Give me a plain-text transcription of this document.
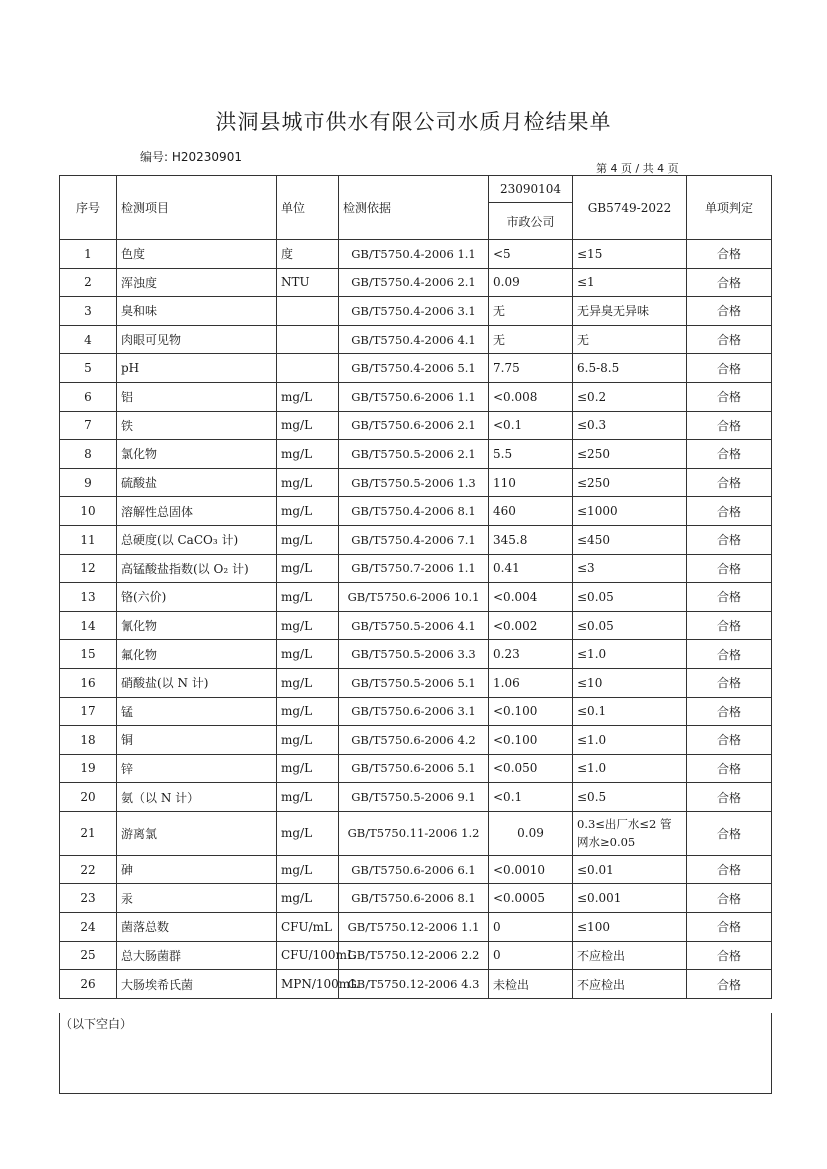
洪洞县城市供水有限公司水质月检结果单
编号: H20230901
第 4 页 / 共 4 页
序号	检测项目	单位	检测依据	23090104	GB5749-2022	单项判定
				市政公司		
1	色度	度	GB/T5750.4-2006 1.1	<5	≤15	合格
2	浑浊度	NTU	GB/T5750.4-2006 2.1	0.09	≤1	合格
3	臭和味		GB/T5750.4-2006 3.1	无	无异臭无异味	合格
4	肉眼可见物		GB/T5750.4-2006 4.1	无	无	合格
5	pH		GB/T5750.4-2006 5.1	7.75	6.5-8.5	合格
6	铝	mg/L	GB/T5750.6-2006 1.1	<0.008	≤0.2	合格
7	铁	mg/L	GB/T5750.6-2006 2.1	<0.1	≤0.3	合格
8	氯化物	mg/L	GB/T5750.5-2006 2.1	5.5	≤250	合格
9	硫酸盐	mg/L	GB/T5750.5-2006 1.3	110	≤250	合格
10	溶解性总固体	mg/L	GB/T5750.4-2006 8.1	460	≤1000	合格
11	总硬度(以 CaCO₃ 计)	mg/L	GB/T5750.4-2006 7.1	345.8	≤450	合格
12	高锰酸盐指数(以 O₂ 计)	mg/L	GB/T5750.7-2006 1.1	0.41	≤3	合格
13	铬(六价)	mg/L	GB/T5750.6-2006 10.1	<0.004	≤0.05	合格
14	氰化物	mg/L	GB/T5750.5-2006 4.1	<0.002	≤0.05	合格
15	氟化物	mg/L	GB/T5750.5-2006 3.3	0.23	≤1.0	合格
16	硝酸盐(以 N 计)	mg/L	GB/T5750.5-2006 5.1	1.06	≤10	合格
17	锰	mg/L	GB/T5750.6-2006 3.1	<0.100	≤0.1	合格
18	铜	mg/L	GB/T5750.6-2006 4.2	<0.100	≤1.0	合格
19	锌	mg/L	GB/T5750.6-2006 5.1	<0.050	≤1.0	合格
20	氨（以 N 计）	mg/L	GB/T5750.5-2006 9.1	<0.1	≤0.5	合格
21	游离氯	mg/L	GB/T5750.11-2006 1.2	0.09	0.3≤出厂水≤2 管网水≥0.05	合格
22	砷	mg/L	GB/T5750.6-2006 6.1	<0.0010	≤0.01	合格
23	汞	mg/L	GB/T5750.6-2006 8.1	<0.0005	≤0.001	合格
24	菌落总数	CFU/mL	GB/T5750.12-2006 1.1	0	≤100	合格
25	总大肠菌群	CFU/100mL	GB/T5750.12-2006 2.2	0	不应检出	合格
26	大肠埃希氏菌	MPN/100mL	GB/T5750.12-2006 4.3	未检出	不应检出	合格
（以下空白）
